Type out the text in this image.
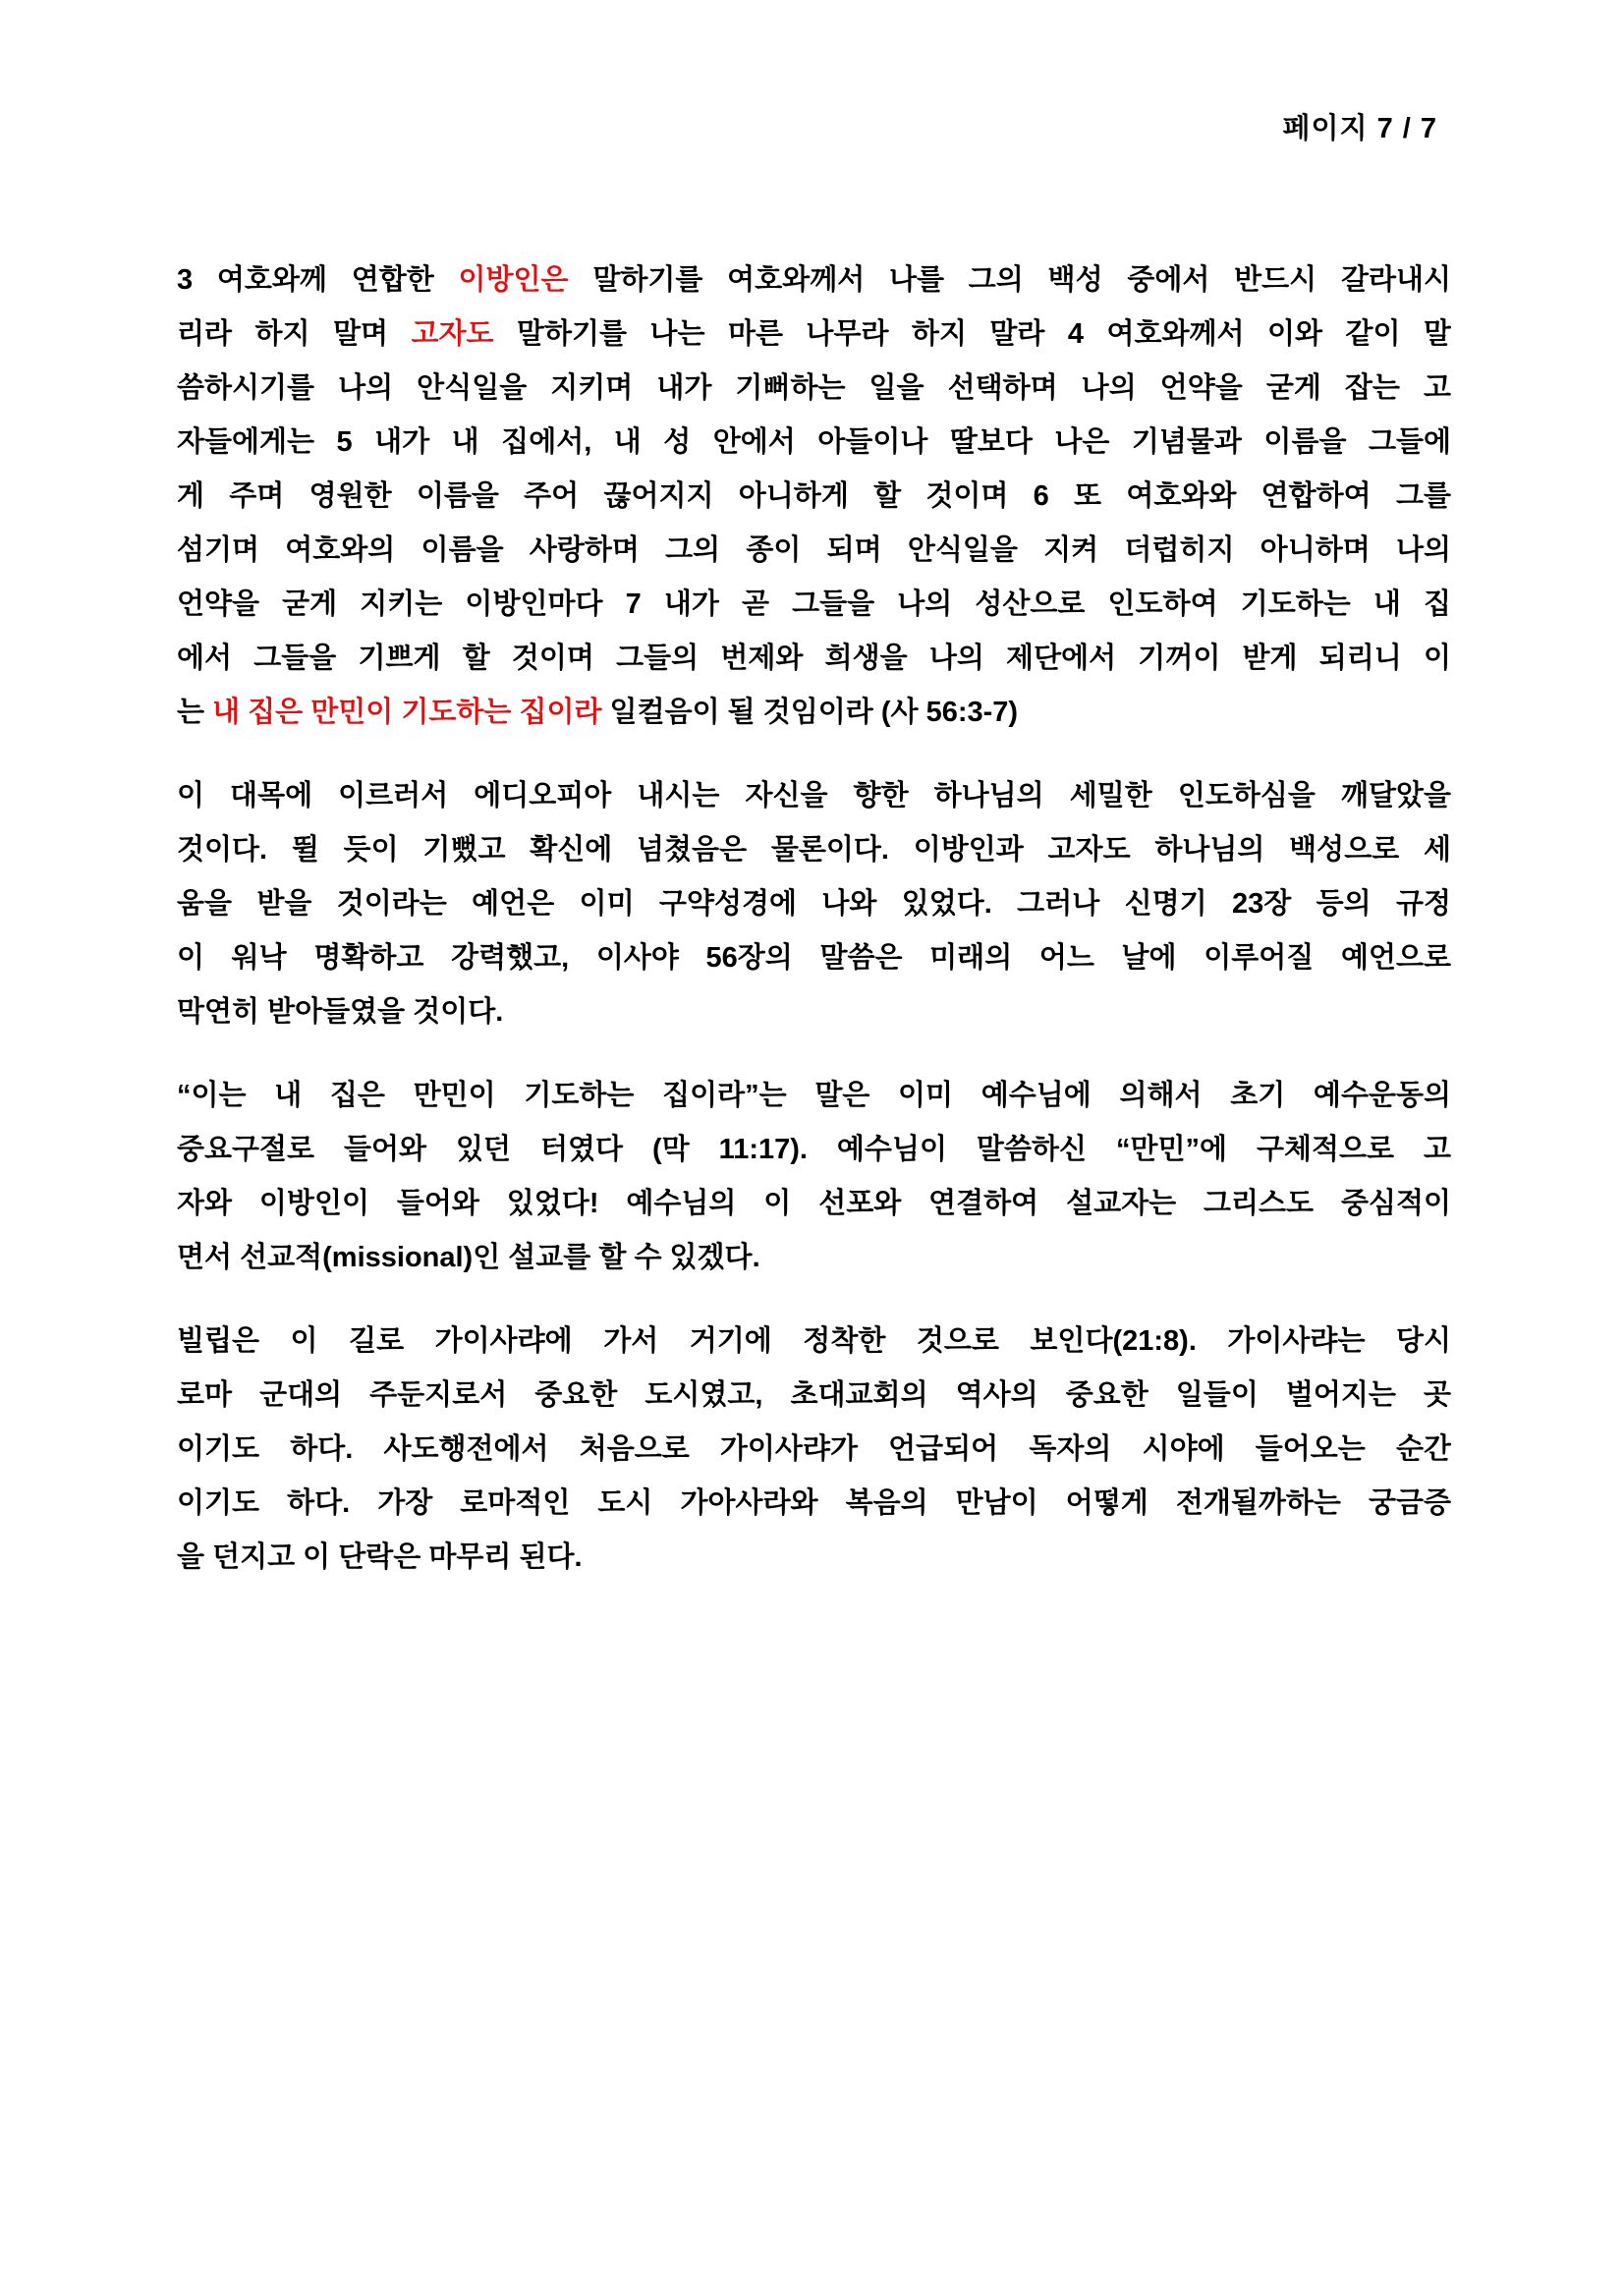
페이지 7 / 7
3 여호와께 연합한 이방인은 말하기를 여호와께서 나를 그의 백성 중에서 반드시 갈라내시
리라 하지 말며 고자도 말하기를 나는 마른 나무라 하지 말라 4 여호와께서 이와 같이 말
씀하시기를 나의 안식일을 지키며 내가 기뻐하는 일을 선택하며 나의 언약을 굳게 잡는 고
자들에게는 5 내가 내 집에서, 내 성 안에서 아들이나 딸보다 나은 기념물과 이름을 그들에
게 주며 영원한 이름을 주어 끊어지지 아니하게 할 것이며 6 또 여호와와 연합하여 그를
섬기며 여호와의 이름을 사랑하며 그의 종이 되며 안식일을 지켜 더럽히지 아니하며 나의
언약을 굳게 지키는 이방인마다 7 내가 곧 그들을 나의 성산으로 인도하여 기도하는 내 집
에서 그들을 기쁘게 할 것이며 그들의 번제와 희생을 나의 제단에서 기꺼이 받게 되리니 이
는 내 집은 만민이 기도하는 집이라 일컬음이 될 것임이라 (사 56:3-7)
이 대목에 이르러서 에디오피아 내시는 자신을 향한 하나님의 세밀한 인도하심을 깨달았을
것이다. 뛸 듯이 기뻤고 확신에 넘쳤음은 물론이다. 이방인과 고자도 하나님의 백성으로 세
움을 받을 것이라는 예언은 이미 구약성경에 나와 있었다. 그러나 신명기 23장 등의 규정
이 워낙 명확하고 강력했고, 이사야 56장의 말씀은 미래의 어느 날에 이루어질 예언으로
막연히 받아들였을 것이다.
“이는 내 집은 만민이 기도하는 집이라”는 말은 이미 예수님에 의해서 초기 예수운동의
중요구절로 들어와 있던 터였다 (막 11:17). 예수님이 말씀하신 “만민”에 구체적으로 고
자와 이방인이 들어와 있었다! 예수님의 이 선포와 연결하여 설교자는 그리스도 중심적이
면서 선교적(missional)인 설교를 할 수 있겠다.
빌립은 이 길로 가이사랴에 가서 거기에 정착한 것으로 보인다(21:8). 가이사랴는 당시
로마 군대의 주둔지로서 중요한 도시였고, 초대교회의 역사의 중요한 일들이 벌어지는 곳
이기도 하다. 사도행전에서 처음으로 가이사랴가 언급되어 독자의 시야에 들어오는 순간
이기도 하다. 가장 로마적인 도시 가아사라와 복음의 만남이 어떻게 전개될까하는 궁금증
을 던지고 이 단락은 마무리 된다.
